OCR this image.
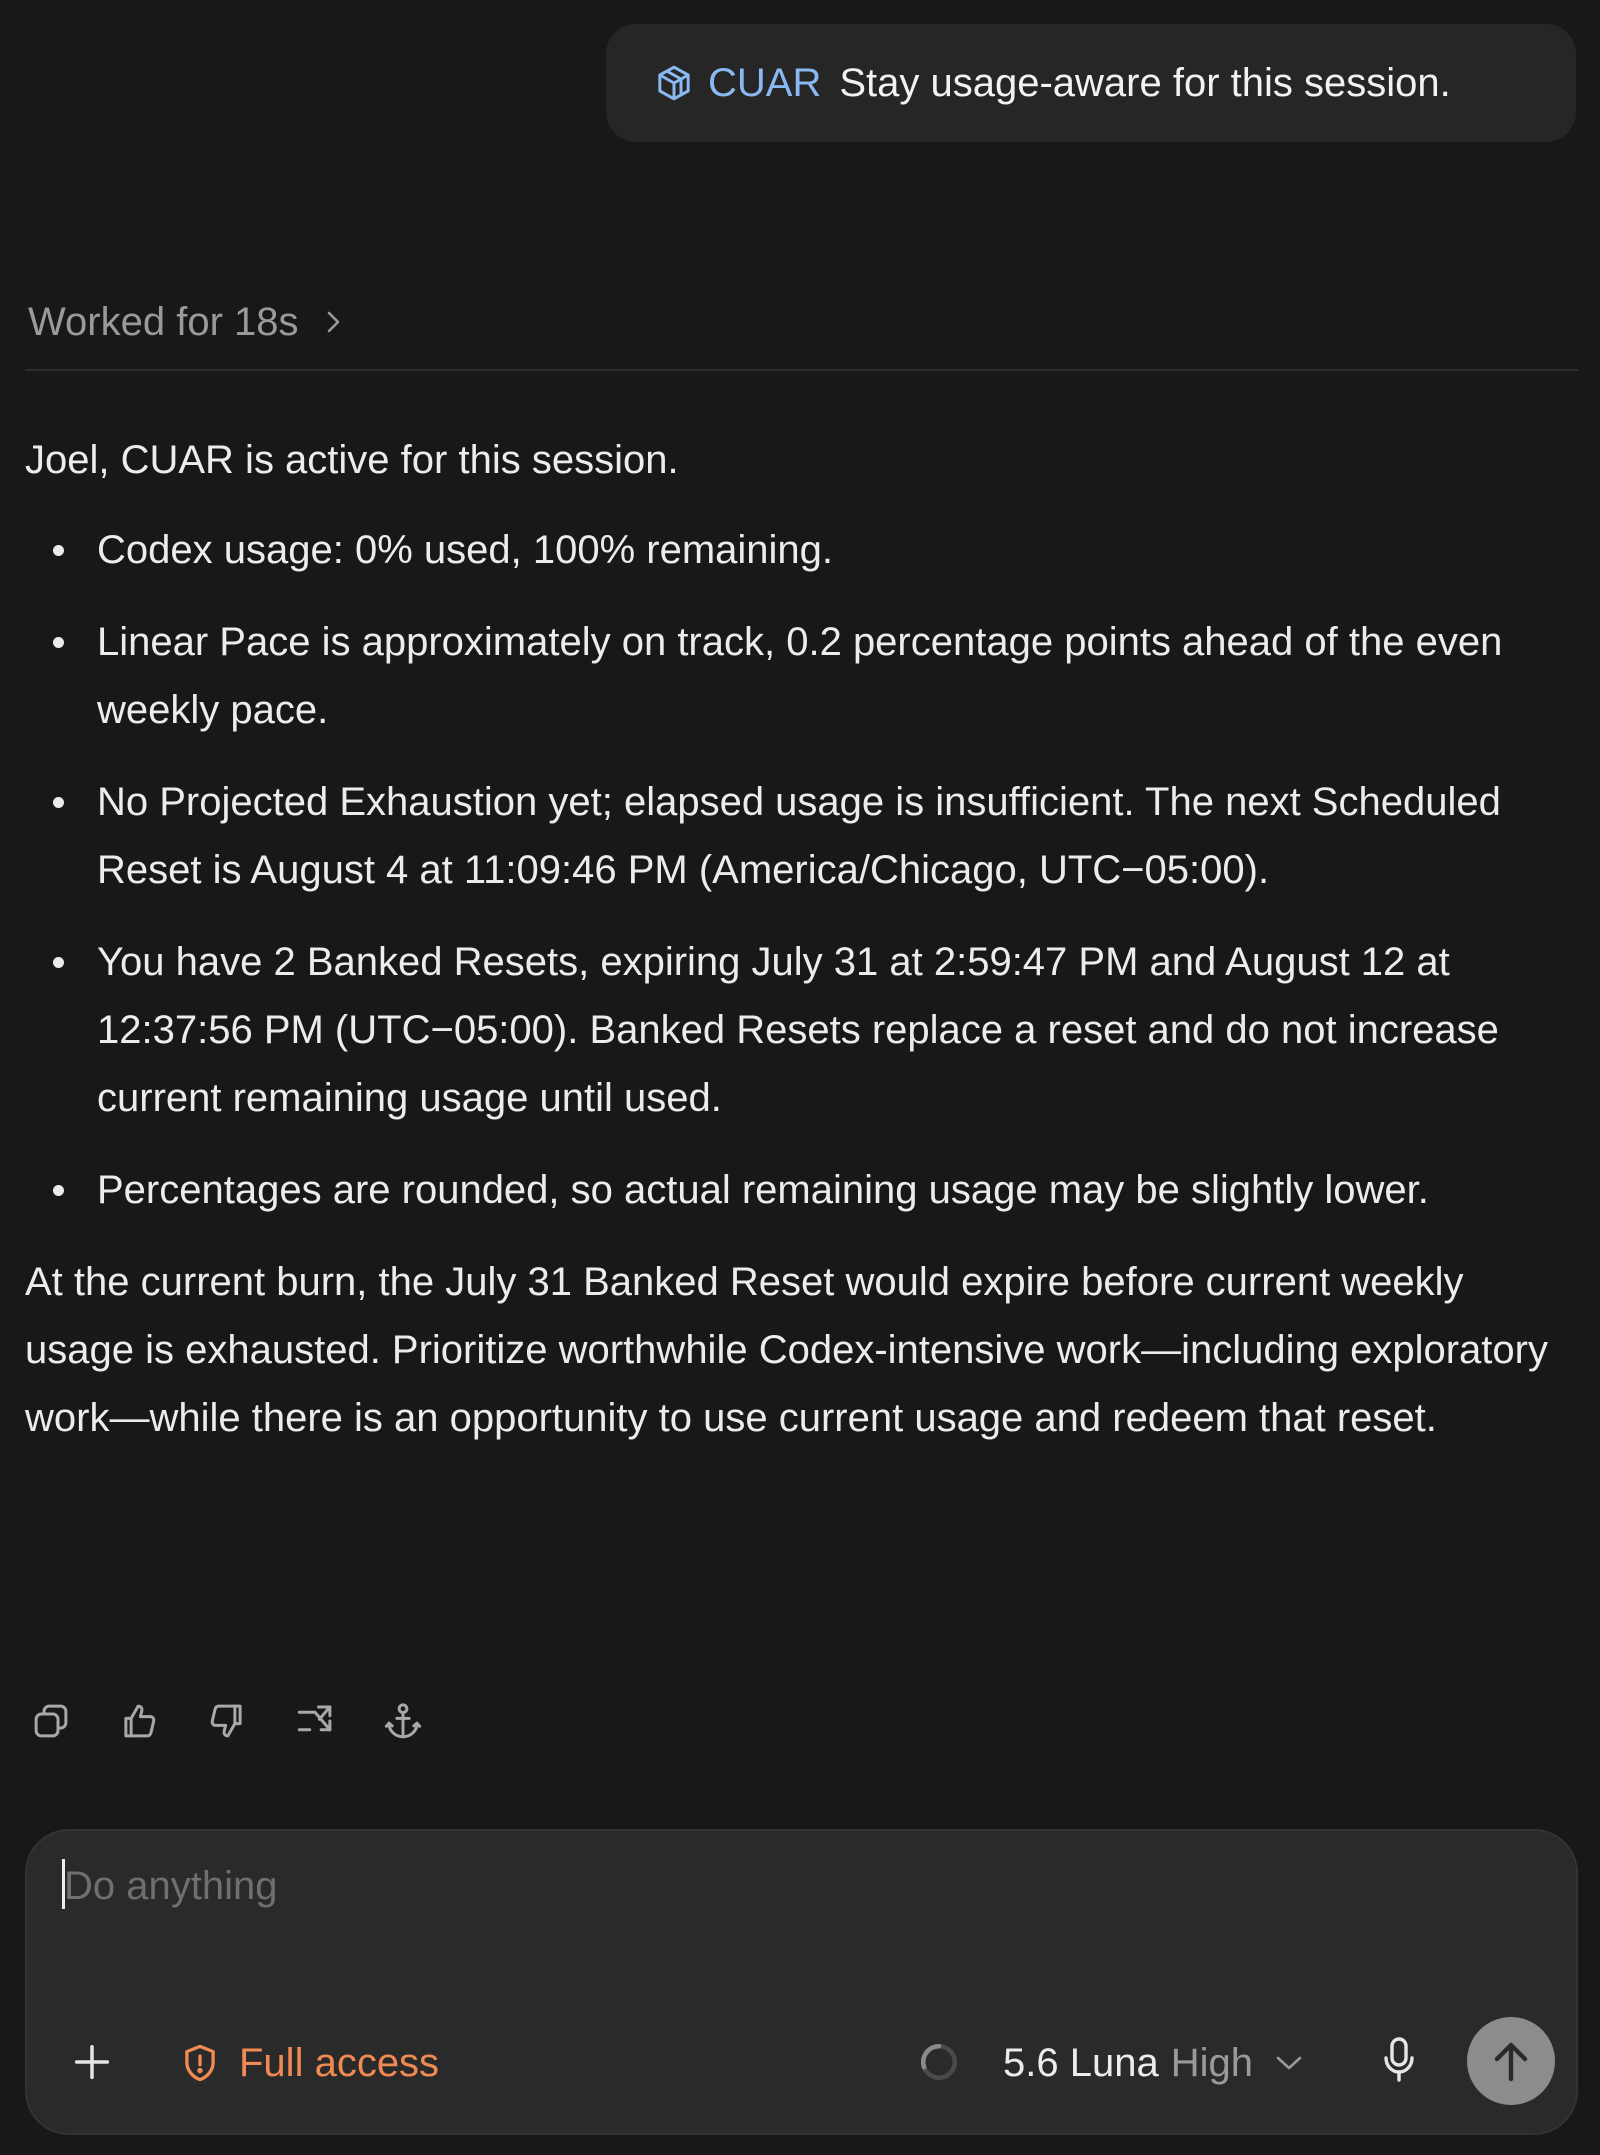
CUAR Stay usage-aware for this session.
Worked for 18s

Joel, CUAR is active for this session.

Codex usage: 0% used, 100% remaining.
Linear Pace is approximately on track, 0.2 percentage points ahead of the even weekly pace.
No Projected Exhaustion yet; elapsed usage is insufficient. The next Scheduled Reset is August 4 at 11:09:46 PM (America/Chicago, UTC−05:00).
You have 2 Banked Resets, expiring July 31 at 2:59:47 PM and August 12 at 12:37:56 PM (UTC−05:00). Banked Resets replace a reset and do not increase current remaining usage until used.
Percentages are rounded, so actual remaining usage may be slightly lower.

At the current burn, the July 31 Banked Reset would expire before current weekly usage is exhausted. Prioritize worthwhile Codex-intensive work—including exploratory work—while there is an opportunity to use current usage and redeem that reset.

Do anything
Full access	5.6 Luna High
